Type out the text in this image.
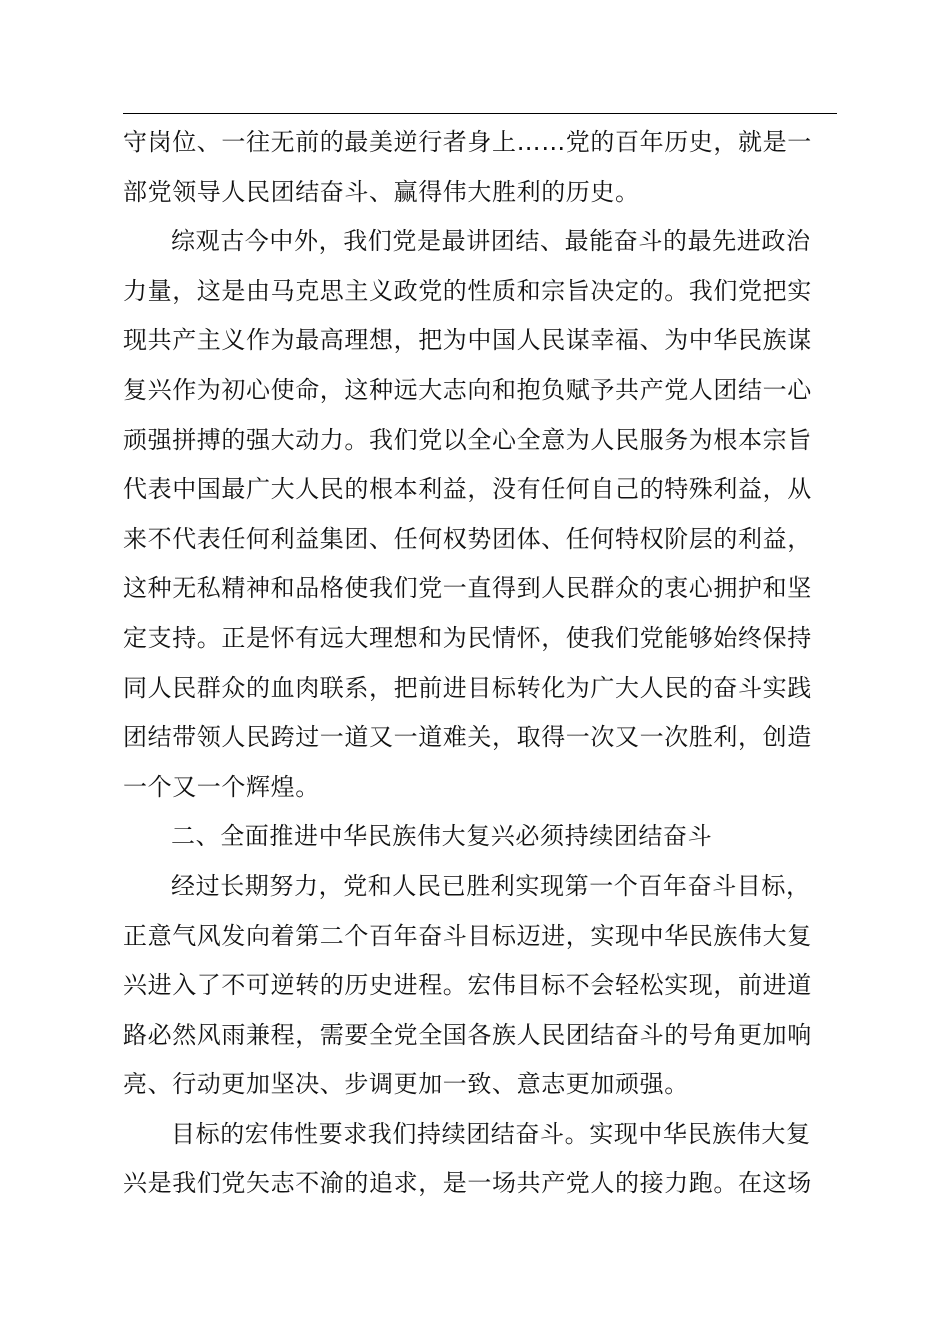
守岗位、一往无前的最美逆行者身上……党的百年历史，就是一
部党领导人民团结奋斗、赢得伟大胜利的历史。
综观古今中外，我们党是最讲团结、最能奋斗的最先进政治
力量，这是由马克思主义政党的性质和宗旨决定的。我们党把实
现共产主义作为最高理想，把为中国人民谋幸福、为中华民族谋
复兴作为初心使命，这种远大志向和抱负赋予共产党人团结一心
顽强拼搏的强大动力。我们党以全心全意为人民服务为根本宗旨
代表中国最广大人民的根本利益，没有任何自己的特殊利益，从
来不代表任何利益集团、任何权势团体、任何特权阶层的利益，
这种无私精神和品格使我们党一直得到人民群众的衷心拥护和坚
定支持。正是怀有远大理想和为民情怀，使我们党能够始终保持
同人民群众的血肉联系，把前进目标转化为广大人民的奋斗实践
团结带领人民跨过一道又一道难关，取得一次又一次胜利，创造
一个又一个辉煌。
二、全面推进中华民族伟大复兴必须持续团结奋斗
经过长期努力，党和人民已胜利实现第一个百年奋斗目标，
正意气风发向着第二个百年奋斗目标迈进，实现中华民族伟大复
兴进入了不可逆转的历史进程。宏伟目标不会轻松实现，前进道
路必然风雨兼程，需要全党全国各族人民团结奋斗的号角更加响
亮、行动更加坚决、步调更加一致、意志更加顽强。
目标的宏伟性要求我们持续团结奋斗。实现中华民族伟大复
兴是我们党矢志不渝的追求，是一场共产党人的接力跑。在这场
